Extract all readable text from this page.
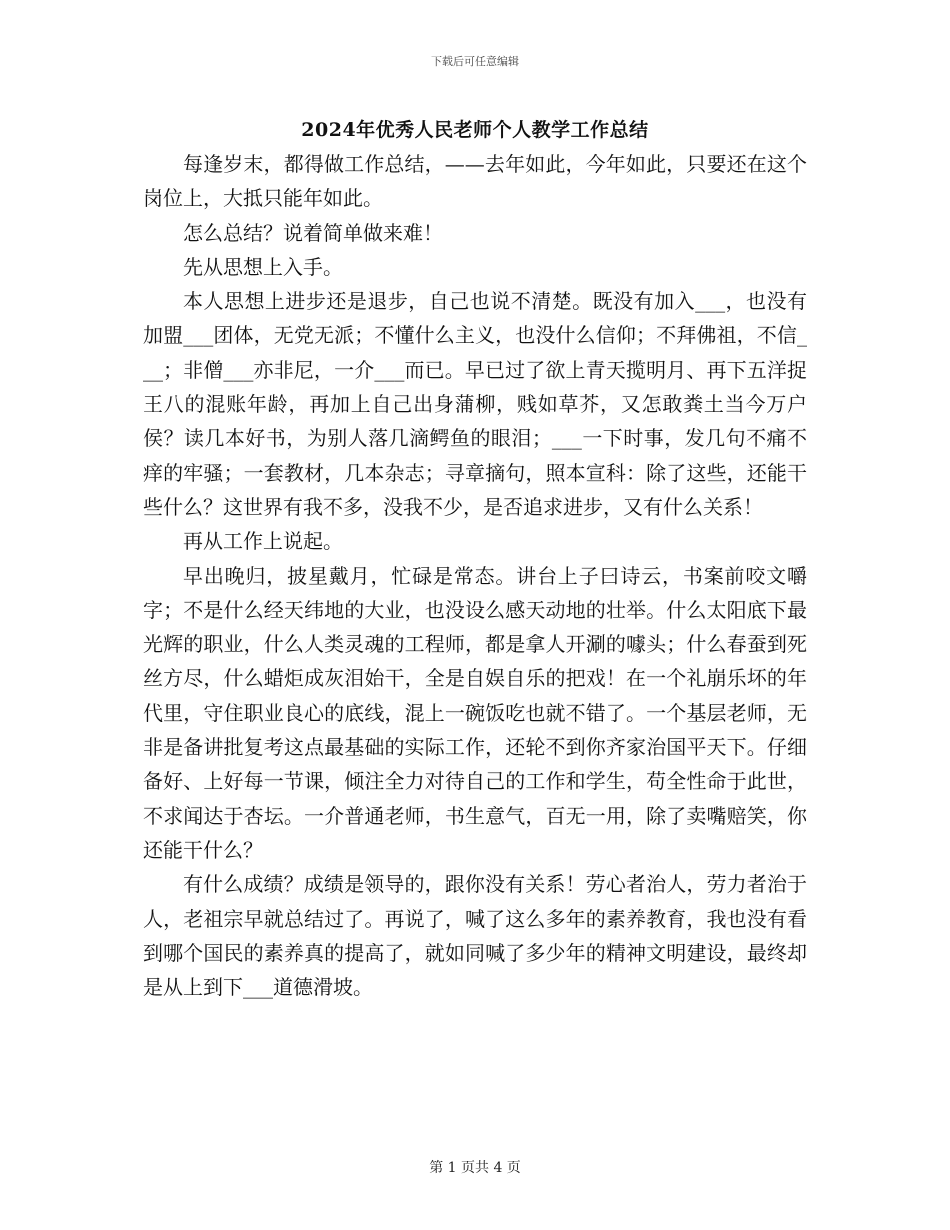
下载后可任意编辑
2024年优秀人民老师个人教学工作总结

每逢岁末，都得做工作总结，——去年如此，今年如此，只要还在这个岗位上，大抵只能年如此。

怎么总结？说着简单做来难！

先从思想上入手。

本人思想上进步还是退步，自己也说不清楚。既没有加入___，也没有加盟___团体，无党无派；不懂什么主义，也没什么信仰；不拜佛祖，不信___；非僧___亦非尼，一介___而已。早已过了欲上青天揽明月、再下五洋捉王八的混账年龄，再加上自己出身蒲柳，贱如草芥，又怎敢粪土当今万户侯？读几本好书，为别人落几滴鳄鱼的眼泪；___一下时事，发几句不痛不痒的牢骚；一套教材，几本杂志；寻章摘句，照本宣科：除了这些，还能干些什么？这世界有我不多，没我不少，是否追求进步，又有什么关系！

再从工作上说起。

早出晚归，披星戴月，忙碌是常态。讲台上子曰诗云，书案前咬文嚼字；不是什么经天纬地的大业，也没设么感天动地的壮举。什么太阳底下最光辉的职业，什么人类灵魂的工程师，都是拿人开涮的噱头；什么春蚕到死丝方尽，什么蜡炬成灰泪始干，全是自娱自乐的把戏！在一个礼崩乐坏的年代里，守住职业良心的底线，混上一碗饭吃也就不错了。一个基层老师，无非是备讲批复考这点最基础的实际工作，还轮不到你齐家治国平天下。仔细备好、上好每一节课，倾注全力对待自己的工作和学生，苟全性命于此世，不求闻达于杏坛。一介普通老师，书生意气，百无一用，除了卖嘴赔笑，你还能干什么？

有什么成绩？成绩是领导的，跟你没有关系！劳心者治人，劳力者治于人，老祖宗早就总结过了。再说了，喊了这么多年的素养教育，我也没有看到哪个国民的素养真的提高了，就如同喊了多少年的精神文明建设，最终却是从上到下___道德滑坡。

第 1 页共 4 页
